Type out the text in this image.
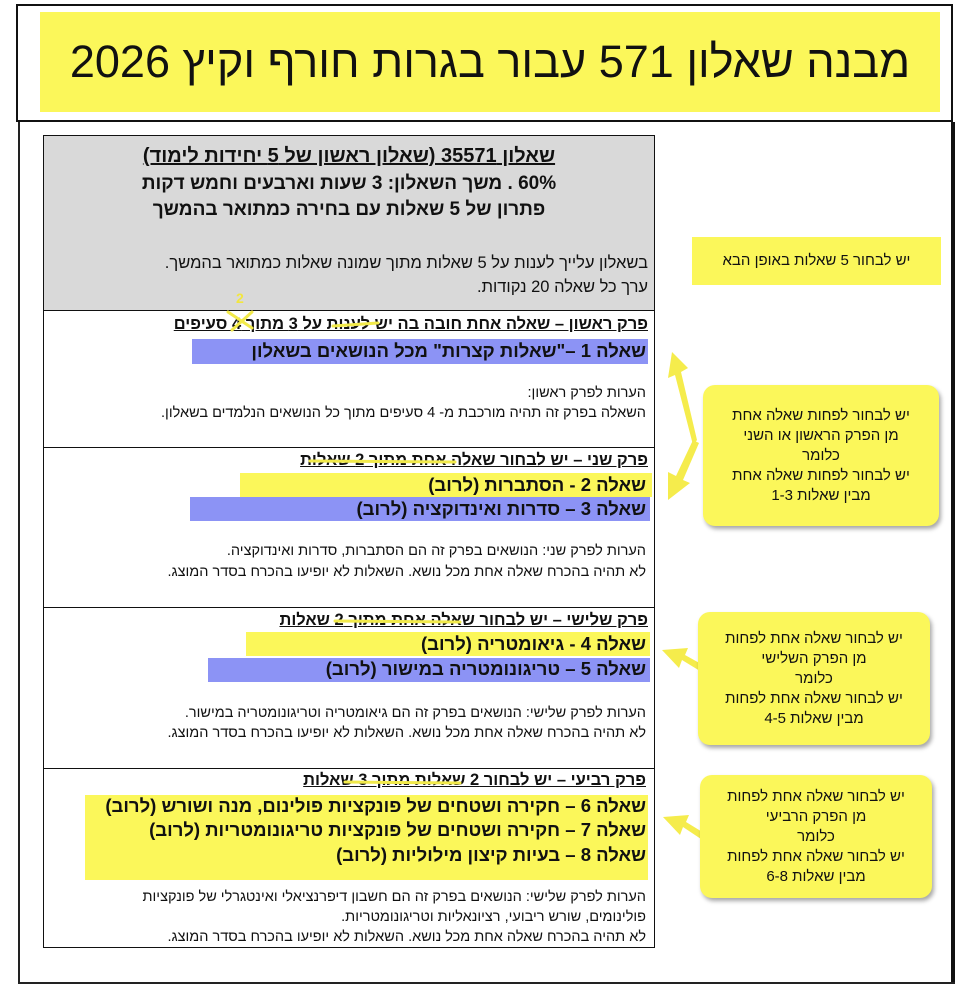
מבנה שאלון 571 עבור בגרות חורף וקיץ 2026
שאלון 35571 (שאלון ראשון של 5 יחידות לימוד)
60% . משך השאלון: 3 שעות וארבעים וחמש דקות
פתרון של 5 שאלות עם בחירה כמתואר בהמשך
בשאלון עלייך לענות על 5 שאלות מתוך שמונה שאלות כמתואר בהמשך.
ערך כל שאלה 20 נקודות.
2
פרק ראשון – שאלה אחת חובה בה יש לענות על 3 מתוך 4 סעיפים
שאלה 1 –"שאלות קצרות" מכל הנושאים בשאלון
הערות לפרק ראשון:
השאלה בפרק זה תהיה מורכבת מ- 4 סעיפים מתוך כל הנושאים הנלמדים בשאלון.
פרק שני – יש לבחור שאלה אחת מתוך 2 שאלות
שאלה 2 - הסתברות (לרוב)
שאלה 3 – סדרות ואינדוקציה (לרוב)
הערות לפרק שני: הנושאים בפרק זה הם הסתברות, סדרות ואינדוקציה.
לא תהיה בהכרח שאלה אחת מכל נושא. השאלות לא יופיעו בהכרח בסדר המוצג.
פרק שלישי – יש לבחור שאלה אחת מתוך 2 שאלות
שאלה 4 - גיאומטריה (לרוב)
שאלה 5 – טריגונומטריה במישור (לרוב)
הערות לפרק שלישי: הנושאים בפרק זה הם גיאומטריה וטריגונומטריה במישור.
לא תהיה בהכרח שאלה אחת מכל נושא. השאלות לא יופיעו בהכרח בסדר המוצג.
פרק רביעי – יש לבחור 2 שאלות מתוך 3 שאלות
שאלה 6 – חקירה ושטחים של פונקציות פולינום, מנה ושורש (לרוב)
שאלה 7 – חקירה ושטחים של פונקציות טריגונומטריות (לרוב)
שאלה 8 – בעיות קיצון מילוליות (לרוב)
הערות לפרק שלישי: הנושאים בפרק זה הם חשבון דיפרנציאלי ואינטגרלי של פונקציות
פולינומים, שורש ריבועי, רציונאליות וטריגונומטריות.
לא תהיה בהכרח שאלה אחת מכל נושא. השאלות לא יופיעו בהכרח בסדר המוצג.
יש לבחור 5 שאלות באופן הבא
יש לבחור לפחות שאלה אחת
מן הפרק הראשון או השני
כלומר
יש לבחור לפחות שאלה אחת
מבין שאלות 1-3
יש לבחור שאלה אחת לפחות
מן הפרק השלישי
כלומר
יש לבחור שאלה אחת לפחות
מבין שאלות 4-5
יש לבחור שאלה אחת לפחות
מן הפרק הרביעי
כלומר
יש לבחור שאלה אחת לפחות
מבין שאלות 6-8
